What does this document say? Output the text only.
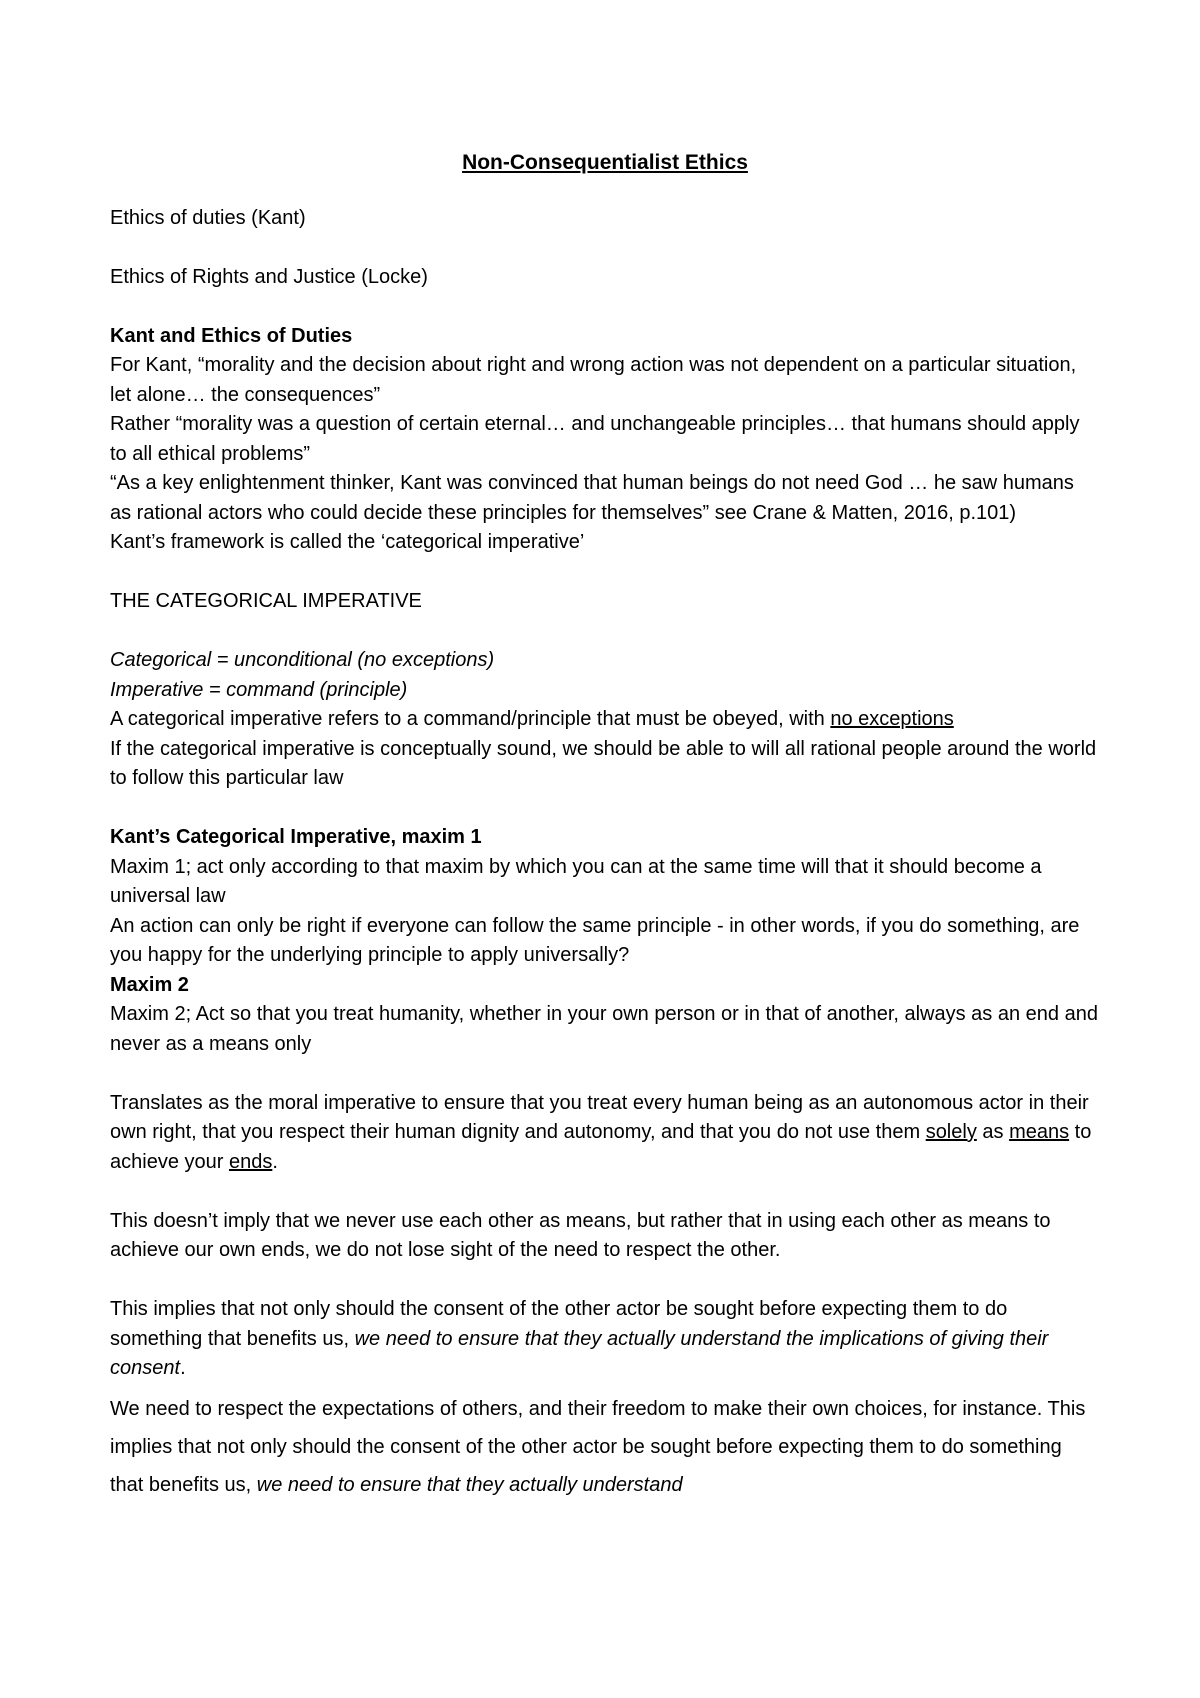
Non-Consequentialist Ethics

Ethics of duties (Kant)

Ethics of Rights and Justice (Locke)

Kant and Ethics of Duties

For Kant, “morality and the decision about right and wrong action was not dependent on a particular situation, let alone… the consequences”

Rather “morality was a question of certain eternal… and unchangeable principles… that humans should apply to all ethical problems”

“As a key enlightenment thinker, Kant was convinced that human beings do not need God … he saw humans as rational actors who could decide these principles for themselves” see Crane & Matten, 2016, p.101)

Kant’s framework is called the ‘categorical imperative’

THE CATEGORICAL IMPERATIVE

Categorical = unconditional (no exceptions)

Imperative = command (principle)

A categorical imperative refers to a command/principle that must be obeyed, with no exceptions

If the categorical imperative is conceptually sound, we should be able to will all rational people around the world to follow this particular law

Kant’s Categorical Imperative, maxim 1

Maxim 1; act only according to that maxim by which you can at the same time will that it should become a universal law

An action can only be right if everyone can follow the same principle - in other words, if you do something, are you happy for the underlying principle to apply universally?

Maxim 2

Maxim 2; Act so that you treat humanity, whether in your own person or in that of another, always as an end and never as a means only

Translates as the moral imperative to ensure that you treat every human being as an autonomous actor in their own right, that you respect their human dignity and autonomy, and that you do not use them solely as means to achieve your ends.

This doesn’t imply that we never use each other as means, but rather that in using each other as means to achieve our own ends, we do not lose sight of the need to respect the other.

This implies that not only should the consent of the other actor be sought before expecting them to do something that benefits us, we need to ensure that they actually understand the implications of giving their consent.

We need to respect the expectations of others, and their freedom to make their own choices, for instance. This implies that not only should the consent of the other actor be sought before expecting them to do something that benefits us, we need to ensure that they actually understand
